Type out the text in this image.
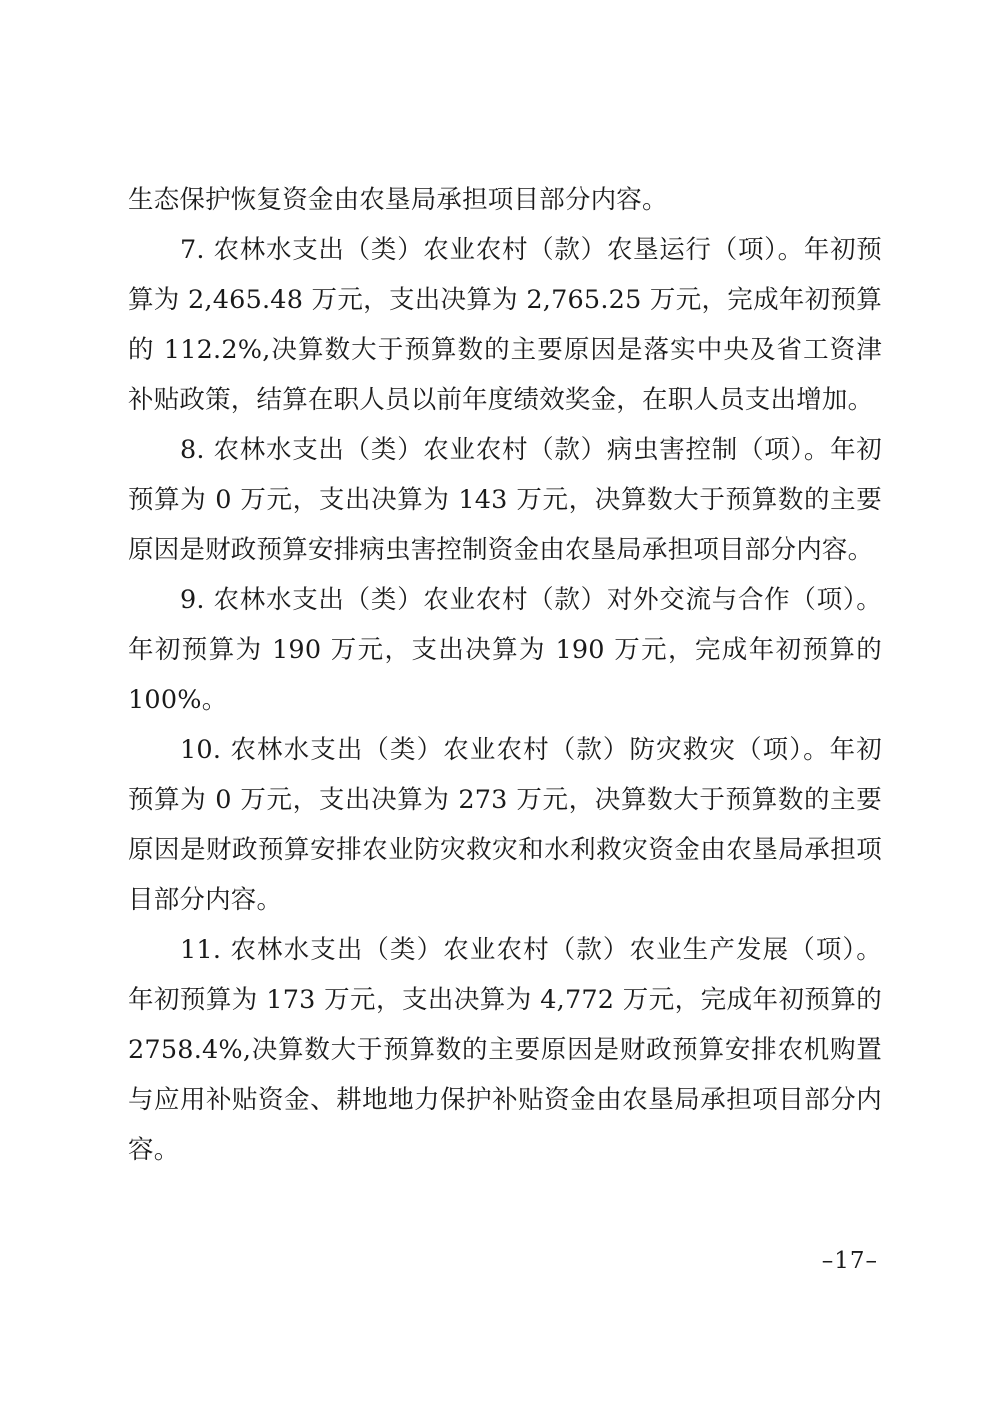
生态保护恢复资金由农垦局承担项目部分内容。

7. 农林水支出（类）农业农村（款）农垦运行（项）。年初预算为 2,465.48 万元，支出决算为 2,765.25 万元，完成年初预算的 112.2%,决算数大于预算数的主要原因是落实中央及省工资津补贴政策，结算在职人员以前年度绩效奖金，在职人员支出增加。

8. 农林水支出（类）农业农村（款）病虫害控制（项）。年初预算为 0 万元，支出决算为 143 万元，决算数大于预算数的主要原因是财政预算安排病虫害控制资金由农垦局承担项目部分内容。

9. 农林水支出（类）农业农村（款）对外交流与合作（项）。年初预算为 190 万元，支出决算为 190 万元，完成年初预算的 100%。

10. 农林水支出（类）农业农村（款）防灾救灾（项）。年初预算为 0 万元，支出决算为 273 万元，决算数大于预算数的主要原因是财政预算安排农业防灾救灾和水利救灾资金由农垦局承担项目部分内容。

11. 农林水支出（类）农业农村（款）农业生产发展（项）。年初预算为 173 万元，支出决算为 4,772 万元，完成年初预算的 2758.4%,决算数大于预算数的主要原因是财政预算安排农机购置与应用补贴资金、耕地地力保护补贴资金由农垦局承担项目部分内容。

–17–
